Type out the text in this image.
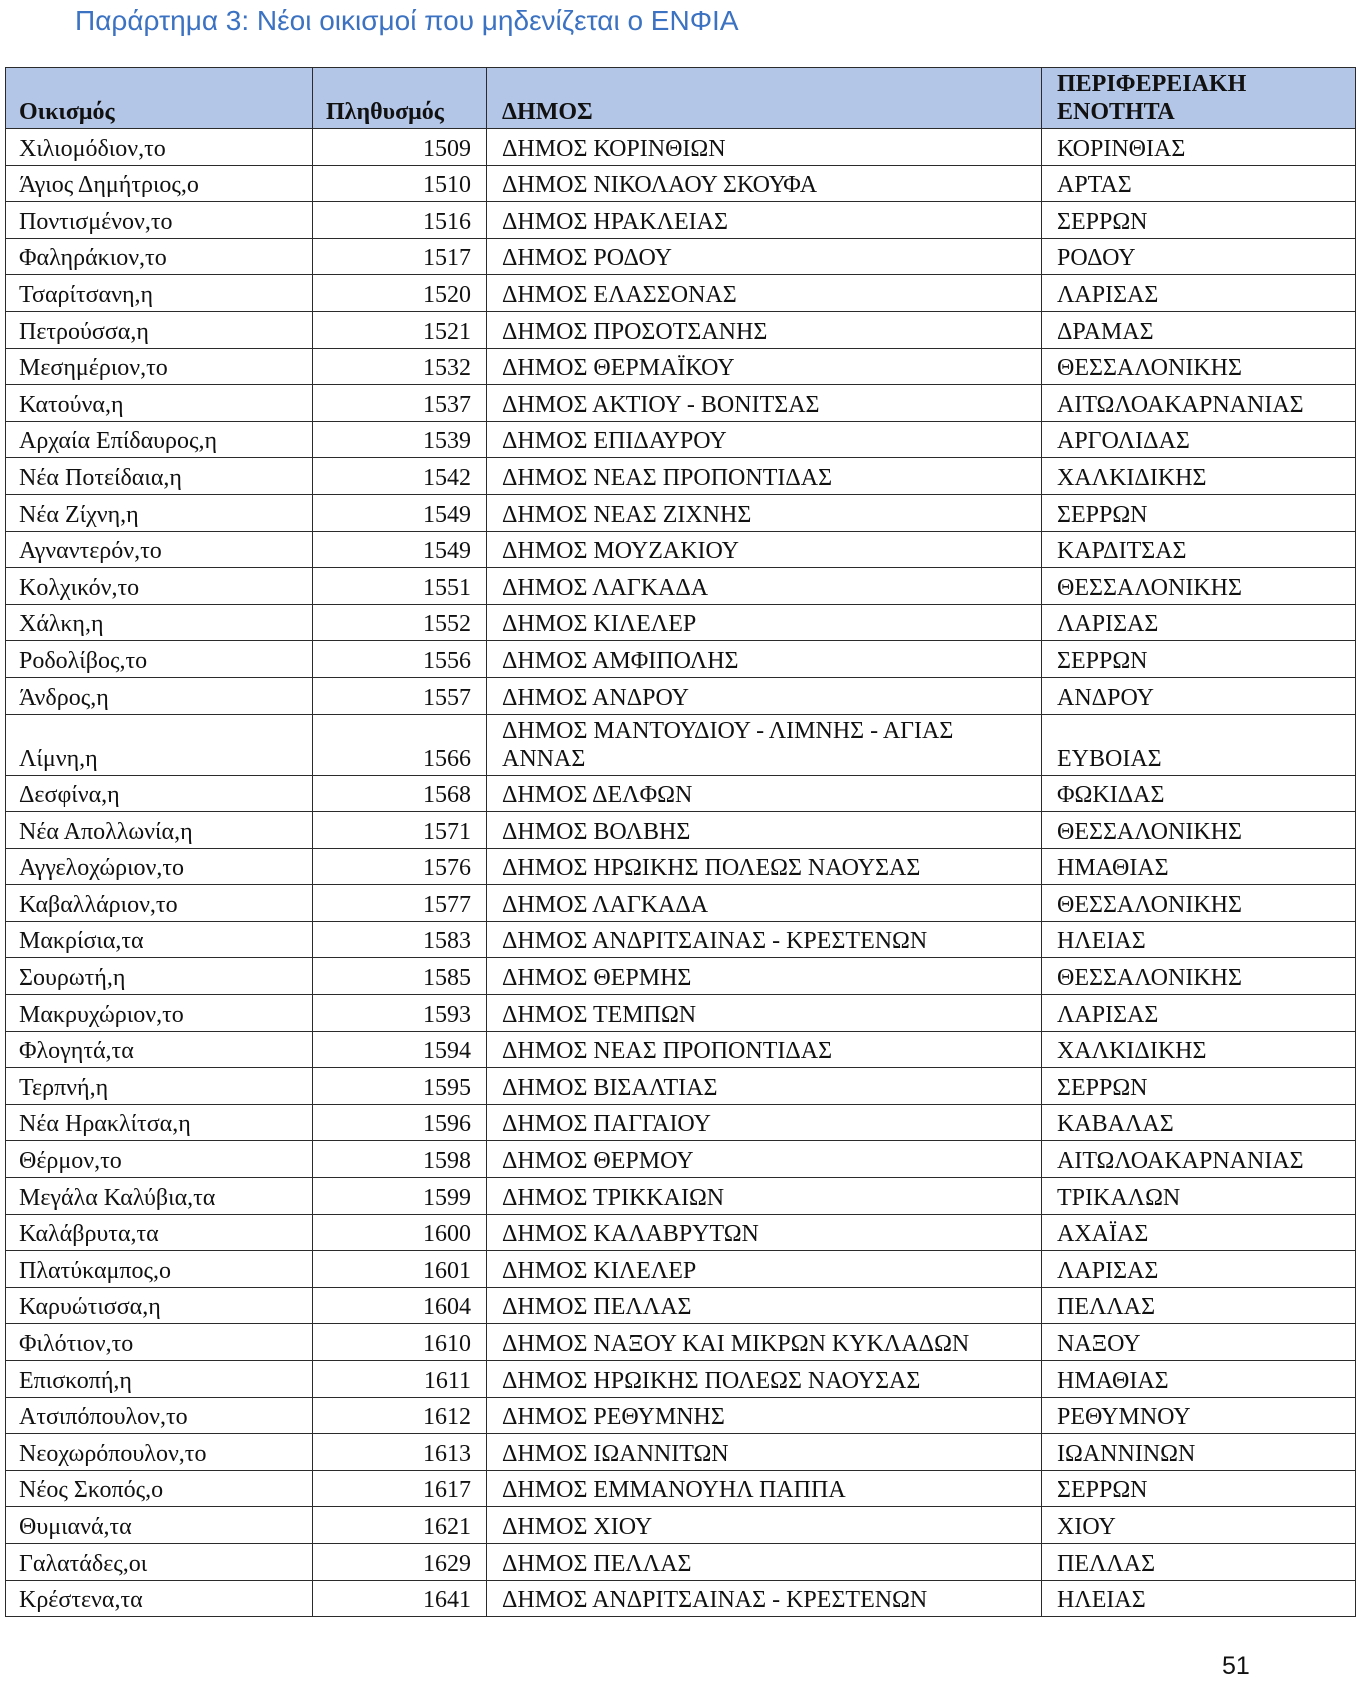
Παράρτημα 3: Νέοι οικισμοί που μηδενίζεται ο ΕΝΦΙΑ
Οικισμός	Πληθυσμός	ΔΗΜΟΣ	ΠΕΡΙΦΕΡΕΙΑΚΗ ΕΝΟΤΗΤΑ
Χιλιομόδιον,το	1509	ΔΗΜΟΣ ΚΟΡΙΝΘΙΩΝ	ΚΟΡΙΝΘΙΑΣ
Άγιος Δημήτριος,ο	1510	ΔΗΜΟΣ ΝΙΚΟΛΑΟΥ ΣΚΟΥΦΑ	ΑΡΤΑΣ
Ποντισμένον,το	1516	ΔΗΜΟΣ ΗΡΑΚΛΕΙΑΣ	ΣΕΡΡΩΝ
Φαληράκιον,το	1517	ΔΗΜΟΣ ΡΟΔΟΥ	ΡΟΔΟΥ
Τσαρίτσανη,η	1520	ΔΗΜΟΣ ΕΛΑΣΣΟΝΑΣ	ΛΑΡΙΣΑΣ
Πετρούσσα,η	1521	ΔΗΜΟΣ ΠΡΟΣΟΤΣΑΝΗΣ	ΔΡΑΜΑΣ
Μεσημέριον,το	1532	ΔΗΜΟΣ ΘΕΡΜΑΪΚΟΥ	ΘΕΣΣΑΛΟΝΙΚΗΣ
Κατούνα,η	1537	ΔΗΜΟΣ ΑΚΤΙΟΥ - ΒΟΝΙΤΣΑΣ	ΑΙΤΩΛΟΑΚΑΡΝΑΝΙΑΣ
Αρχαία Επίδαυρος,η	1539	ΔΗΜΟΣ ΕΠΙΔΑΥΡΟΥ	ΑΡΓΟΛΙΔΑΣ
Νέα Ποτείδαια,η	1542	ΔΗΜΟΣ ΝΕΑΣ ΠΡΟΠΟΝΤΙΔΑΣ	ΧΑΛΚΙΔΙΚΗΣ
Νέα Ζίχνη,η	1549	ΔΗΜΟΣ ΝΕΑΣ ΖΙΧΝΗΣ	ΣΕΡΡΩΝ
Αγναντερόν,το	1549	ΔΗΜΟΣ ΜΟΥΖΑΚΙΟΥ	ΚΑΡΔΙΤΣΑΣ
Κολχικόν,το	1551	ΔΗΜΟΣ ΛΑΓΚΑΔΑ	ΘΕΣΣΑΛΟΝΙΚΗΣ
Χάλκη,η	1552	ΔΗΜΟΣ ΚΙΛΕΛΕΡ	ΛΑΡΙΣΑΣ
Ροδολίβος,το	1556	ΔΗΜΟΣ ΑΜΦΙΠΟΛΗΣ	ΣΕΡΡΩΝ
Άνδρος,η	1557	ΔΗΜΟΣ ΑΝΔΡΟΥ	ΑΝΔΡΟΥ
Λίμνη,η	1566	ΔΗΜΟΣ ΜΑΝΤΟΥΔΙΟΥ - ΛΙΜΝΗΣ - ΑΓΙΑΣ ΑΝΝΑΣ	ΕΥΒΟΙΑΣ
Δεσφίνα,η	1568	ΔΗΜΟΣ ΔΕΛΦΩΝ	ΦΩΚΙΔΑΣ
Νέα Απολλωνία,η	1571	ΔΗΜΟΣ ΒΟΛΒΗΣ	ΘΕΣΣΑΛΟΝΙΚΗΣ
Αγγελοχώριον,το	1576	ΔΗΜΟΣ ΗΡΩΙΚΗΣ ΠΟΛΕΩΣ ΝΑΟΥΣΑΣ	ΗΜΑΘΙΑΣ
Καβαλλάριον,το	1577	ΔΗΜΟΣ ΛΑΓΚΑΔΑ	ΘΕΣΣΑΛΟΝΙΚΗΣ
Μακρίσια,τα	1583	ΔΗΜΟΣ ΑΝΔΡΙΤΣΑΙΝΑΣ - ΚΡΕΣΤΕΝΩΝ	ΗΛΕΙΑΣ
Σουρωτή,η	1585	ΔΗΜΟΣ ΘΕΡΜΗΣ	ΘΕΣΣΑΛΟΝΙΚΗΣ
Μακρυχώριον,το	1593	ΔΗΜΟΣ ΤΕΜΠΩΝ	ΛΑΡΙΣΑΣ
Φλογητά,τα	1594	ΔΗΜΟΣ ΝΕΑΣ ΠΡΟΠΟΝΤΙΔΑΣ	ΧΑΛΚΙΔΙΚΗΣ
Τερπνή,η	1595	ΔΗΜΟΣ ΒΙΣΑΛΤΙΑΣ	ΣΕΡΡΩΝ
Νέα Ηρακλίτσα,η	1596	ΔΗΜΟΣ ΠΑΓΓΑΙΟΥ	ΚΑΒΑΛΑΣ
Θέρμον,το	1598	ΔΗΜΟΣ ΘΕΡΜΟΥ	ΑΙΤΩΛΟΑΚΑΡΝΑΝΙΑΣ
Μεγάλα Καλύβια,τα	1599	ΔΗΜΟΣ ΤΡΙΚΚΑΙΩΝ	ΤΡΙΚΑΛΩΝ
Καλάβρυτα,τα	1600	ΔΗΜΟΣ ΚΑΛΑΒΡΥΤΩΝ	ΑΧΑΪΑΣ
Πλατύκαμπος,ο	1601	ΔΗΜΟΣ ΚΙΛΕΛΕΡ	ΛΑΡΙΣΑΣ
Καρυώτισσα,η	1604	ΔΗΜΟΣ ΠΕΛΛΑΣ	ΠΕΛΛΑΣ
Φιλότιον,το	1610	ΔΗΜΟΣ ΝΑΞΟΥ ΚΑΙ ΜΙΚΡΩΝ ΚΥΚΛΑΔΩΝ	ΝΑΞΟΥ
Επισκοπή,η	1611	ΔΗΜΟΣ ΗΡΩΙΚΗΣ ΠΟΛΕΩΣ ΝΑΟΥΣΑΣ	ΗΜΑΘΙΑΣ
Ατσιπόπουλον,το	1612	ΔΗΜΟΣ ΡΕΘΥΜΝΗΣ	ΡΕΘΥΜΝΟΥ
Νεοχωρόπουλον,το	1613	ΔΗΜΟΣ ΙΩΑΝΝΙΤΩΝ	ΙΩΑΝΝΙΝΩΝ
Νέος Σκοπός,ο	1617	ΔΗΜΟΣ ΕΜΜΑΝΟΥΗΛ ΠΑΠΠΑ	ΣΕΡΡΩΝ
Θυμιανά,τα	1621	ΔΗΜΟΣ ΧΙΟΥ	ΧΙΟΥ
Γαλατάδες,οι	1629	ΔΗΜΟΣ ΠΕΛΛΑΣ	ΠΕΛΛΑΣ
Κρέστενα,τα	1641	ΔΗΜΟΣ ΑΝΔΡΙΤΣΑΙΝΑΣ - ΚΡΕΣΤΕΝΩΝ	ΗΛΕΙΑΣ
51
